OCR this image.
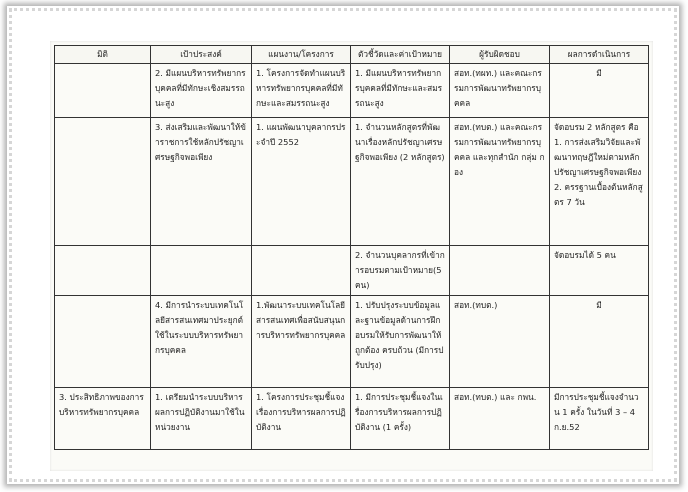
มิติ	เป้าประสงค์	แผนงาน/โครงการ	ตัวชี้วัดและค่าเป้าหมาย	ผู้รับผิดชอบ	ผลการดำเนินการ
	2. มีแผนบริหารทรัพยากรบุคคลที่มีทักษะเชิงสมรรถนะสูง	1. โครงการจัดทำแผนบริหารทรัพยากรบุคคลที่มีทักษะและสมรรถนะสูง	1. มีแผนบริหารทรัพยากรบุคคลที่มีทักษะและสมรรถนะสูง	สอท.(ทผท.) และคณะกรรมการพัฒนาทรัพยากรบุคคล	มี
	3. ส่งเสริมและพัฒนาให้ข้าราชการใช้หลักปรัชญาเศรษฐกิจพอเพียง	1. แผนพัฒนาบุคลากรประจำปี 2552	1. จำนวนหลักสูตรที่พัฒนาเรื่องหลักปรัชญาเศรษฐกิจพอเพียง (2 หลักสูตร)	สอท.(ทบต.) และคณะกรรมการพัฒนาทรัพยากรบุคคล และทุกสำนัก กลุ่ม กอง	จัดอบรม 2 หลักสูตร คือ
1. การส่งเสริมวิจัยและพัฒนาทฤษฎีใหม่ตามหลักปรัชญาเศรษฐกิจพอเพียง
2. ครรฐานเบื้องต้นหลักสูตร 7 วัน
			2. จำนวนบุคลากรที่เข้าการอบรมตามเป้าหมาย(5 คน)		จัดอบรมได้ 5 คน
	4. มีการนำระบบเทคโนโลยีสารสนเทศมาประยุกต์ใช้ในระบบบริหารทรัพยากรบุคคล	1.พัฒนาระบบเทคโนโลยีสารสนเทศเพื่อสนับสนุนการบริหารทรัพยากรบุคคล	1. ปรับปรุงระบบข้อมูลและฐานข้อมูลด้านการฝึกอบรมให้รับการพัฒนาให้ถูกต้อง ครบถ้วน (มีการปรับปรุง)	สอท.(ทบต.)	มี
3. ประสิทธิภาพของการบริหารทรัพยากรบุคคล	1. เตรียมนำระบบบริหารผลการปฏิบัติงานมาใช้ในหน่วยงาน	1. โครงการประชุมชี้แจงเรื่องการบริหารผลการปฏิบัติงาน	1. มีการประชุมชี้แจงในเรื่องการบริหารผลการปฏิบัติงาน (1 ครั้ง)	สอท.(ทบต.) และ กพน.	มีการประชุมชี้แจงจำนวน 1 ครั้ง ในวันที่ 3 – 4 ก.ย.52
